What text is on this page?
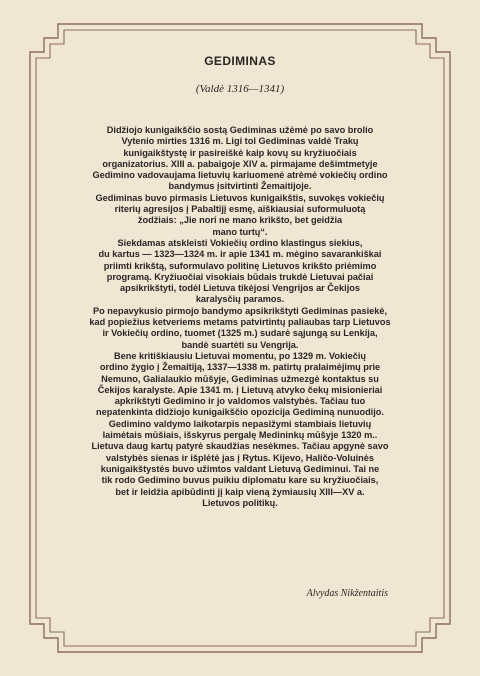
GEDIMINAS
(Valdė 1316—1341)
Didžiojo kunigaikščio sostą Gediminas užėmė po savo brolio
Vytenio mirties 1316 m. Ligi tol Gediminas valdė Trakų
kunigaikštystę ir pasireiškė kaip kovų su kryžiuočiais
organizatorius. XIII a. pabaigoje XIV a. pirmajame dešimtmetyje
Gedimino vadovaujama lietuvių kariuomenė atrėmė vokiečių ordino
bandymus įsitvirtinti Žemaitijoje.
Gediminas buvo pirmasis Lietuvos kunigaikštis, suvokęs vokiečių
riterių agresijos į Pabaltijį esmę, aiškiausiai suformuluotą
žodžiais: „Jie nori ne mano krikšto, bet geidžia
mano turtų“.
Siekdamas atskleisti Vokiečių ordino klastingus siekius,
du kartus — 1323—1324 m. ir apie 1341 m. mėgino savarankiškai
priimti krikštą, suformulavo politinę Lietuvos krikšto priėmimo
programą. Kryžiuočiai visokiais būdais trukdė Lietuvai pačiai
apsikrikštyti, todėl Lietuva tikėjosi Vengrijos ar Čekijos
karalysčių paramos.
Po nepavykusio pirmojo bandymo apsikrikštyti Gediminas pasiekė,
kad popiežius ketveriems metams patvirtintų paliaubas tarp Lietuvos
ir Vokiečių ordino, tuomet (1325 m.) sudarė sąjungą su Lenkija,
bandė suartėti su Vengrija.
Bene kritiškiausiu Lietuvai momentu, po 1329 m. Vokiečių
ordino žygio į Žemaitiją, 1337—1338 m. patirtų pralaimėjimų prie
Nemuno, Galialaukio mūšyje, Gediminas užmezgė kontaktus su
Čekijos karalyste. Apie 1341 m. į Lietuvą atvyko čekų misionieriai
apkrikštyti Gedimino ir jo valdomos valstybės. Tačiau tuo
nepatenkinta didžiojo kunigaikščio opozicija Gediminą nunuodijo.
Gedimino valdymo laikotarpis nepasižymi stambiais lietuvių
laimėtais mūšiais, išskyrus pergalę Medininkų mūšyje 1320 m..
Lietuva daug kartų patyrė skaudžias nesėkmes. Tačiau apgynė savo
valstybės sienas ir išplėtė jas į Rytus. Kijevo, Haličo-Voluinės
kunigaikštystės buvo užimtos valdant Lietuvą Gediminui. Tai ne
tik rodo Gedimino buvus puikiu diplomatu kare su kryžiuočiais,
bet ir leidžia apibūdinti jį kaip vieną žymiausių XIII—XV a.
Lietuvos politikų.
Alvydas Nikžentaitis
